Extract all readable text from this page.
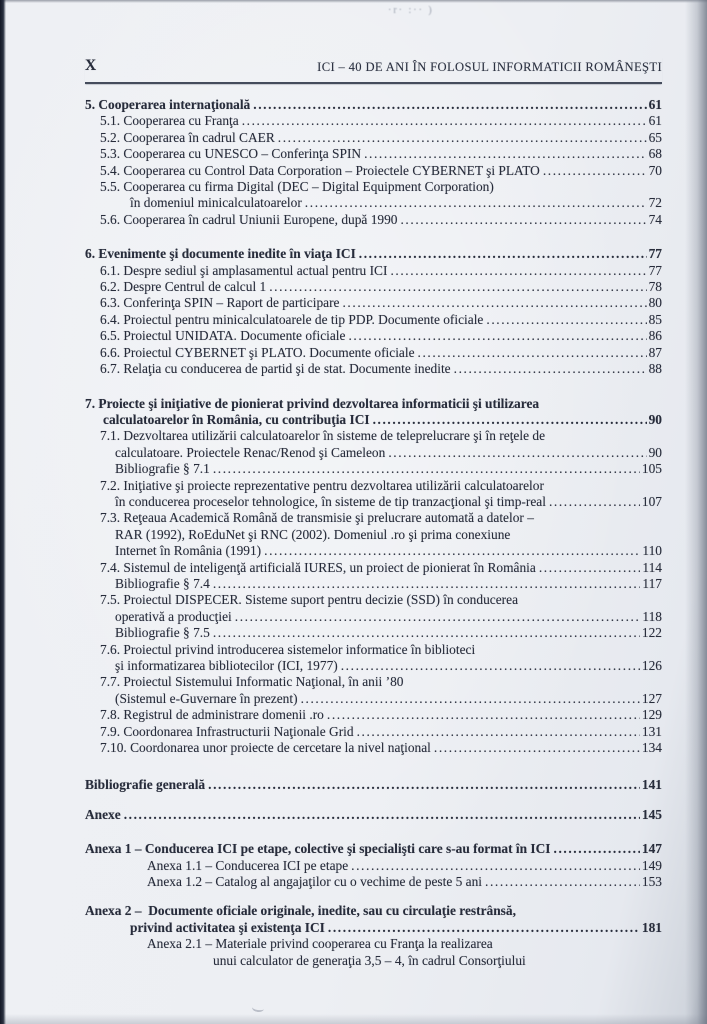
·r· :·· )
X	ICI – 40 DE ANI ÎN FOLOSUL INFORMATICII ROMÂNEŞTI
5. Cooperarea internaţională .....	61
5.1. Cooperarea cu Franţa .....	61
5.2. Cooperarea în cadrul CAER .....	65
5.3. Cooperarea cu UNESCO – Conferinţa SPIN .....	68
5.4. Cooperarea cu Control Data Corporation – Proiectele CYBERNET şi PLATO .....	70
5.5. Cooperarea cu firma Digital (DEC – Digital Equipment Corporation)
în domeniul minicalculatoarelor .....	72
5.6. Cooperarea în cadrul Uniunii Europene, după 1990 .....	74
6. Evenimente şi documente inedite în viaţa ICI .....	77
6.1. Despre sediul şi amplasamentul actual pentru ICI .....	77
6.2. Despre Centrul de calcul 1 .....	78
6.3. Conferinţa SPIN – Raport de participare .....	80
6.4. Proiectul pentru minicalculatoarele de tip PDP. Documente oficiale .....	85
6.5. Proiectul UNIDATA. Documente oficiale .....	86
6.6. Proiectul CYBERNET şi PLATO. Documente oficiale .....	87
6.7. Relaţia cu conducerea de partid şi de stat. Documente inedite .....	88
7. Proiecte şi iniţiative de pionierat privind dezvoltarea informaticii şi utilizarea
calculatoarelor în România, cu contribuţia ICI .....	90
7.1. Dezvoltarea utilizării calculatoarelor în sisteme de teleprelucrare şi în reţele de
calculatoare. Proiectele Renac/Renod şi Cameleon .....	90
Bibliografie § 7.1 .....	105
7.2. Iniţiative şi proiecte reprezentative pentru dezvoltarea utilizării calculatoarelor
în conducerea proceselor tehnologice, în sisteme de tip tranzacţional şi timp-real .....	107
7.3. Reţeaua Academică Română de transmisie şi prelucrare automată a datelor –
RAR (1992), RoEduNet şi RNC (2002). Domeniul .ro şi prima conexiune
Internet în România (1991) .....	110
7.4. Sistemul de inteligenţă artificială IURES, un proiect de pionierat în România .....	114
Bibliografie § 7.4 .....	117
7.5. Proiectul DISPECER. Sisteme suport pentru decizie (SSD) în conducerea
operativă a producţiei .....	118
Bibliografie § 7.5 .....	122
7.6. Proiectul privind introducerea sistemelor informatice în biblioteci
şi informatizarea bibliotecilor (ICI, 1977) .....	126
7.7. Proiectul Sistemului Informatic Naţional, în anii ’80
(Sistemul e-Guvernare în prezent) .....	127
7.8. Registrul de administrare domenii .ro .....	129
7.9. Coordonarea Infrastructurii Naţionale Grid .....	131
7.10. Coordonarea unor proiecte de cercetare la nivel naţional .....	134
Bibliografie generală .....	141
Anexe .....	145
Anexa 1 – Conducerea ICI pe etape, colective şi specialişti care s-au format în ICI .....	147
Anexa 1.1 – Conducerea ICI pe etape .....	149
Anexa 1.2 – Catalog al angajaţilor cu o vechime de peste 5 ani .....	153
Anexa 2 –  Documente oficiale originale, inedite, sau cu circulaţie restrânsă,
privind activitatea şi existenţa ICI .....	181
Anexa 2.1 – Materiale privind cooperarea cu Franţa la realizarea
unui calculator de generaţia 3,5 – 4, în cadrul Consorţiului
